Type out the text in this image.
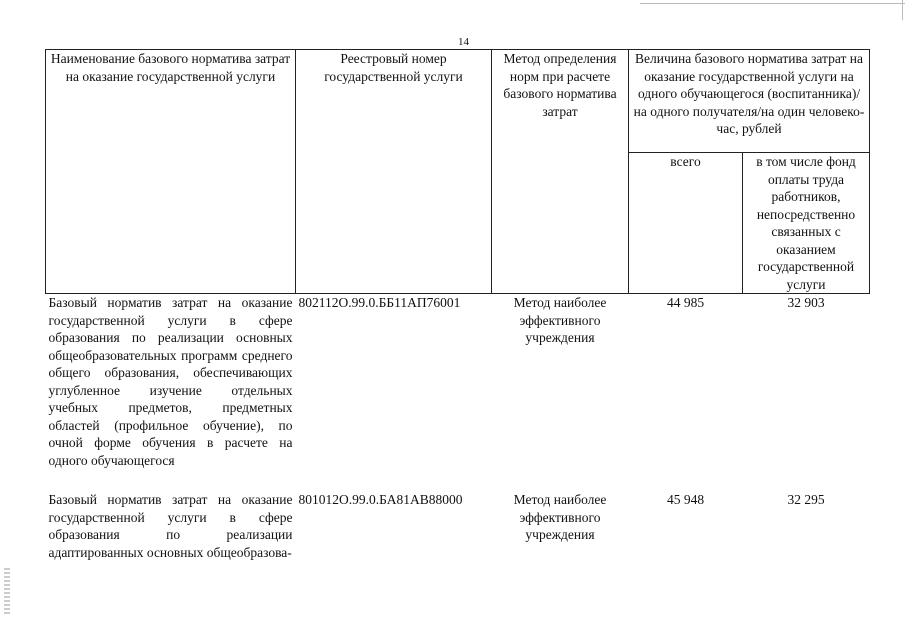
14
Наименование базового норматива затрат на оказание государственной услуги	Реестровый номер государственной услуги	Метод определения норм при расчете базового норматива затрат	Величина базового норматива затрат на оказание государственной услуги на одного обучающегося (воспитанника)/на одного получателя/на один человеко-час, рублей	
			всего	в том числе фонд оплаты труда работников, непосредственно связанных с оказанием государственной услуги
Базовый норматив затрат на оказание государственной услуги в сфере образования по реализации основных общеобразовательных программ среднего общего образования, обеспечивающих углубленное изучение отдельных учебных предметов, предметных областей (профильное обучение), по очной форме обучения в расчете на одного обучающегося	802112О.99.0.ББ11АП76001	Метод наиболее эффективного учреждения	44 985	32 903

Базовый норматив затрат на оказание государственной услуги в сфере образования по реализации адаптированных основных общеобразова-	801012О.99.0.БА81АВ88000	Метод наиболее эффективного учреждения	45 948	32 295
